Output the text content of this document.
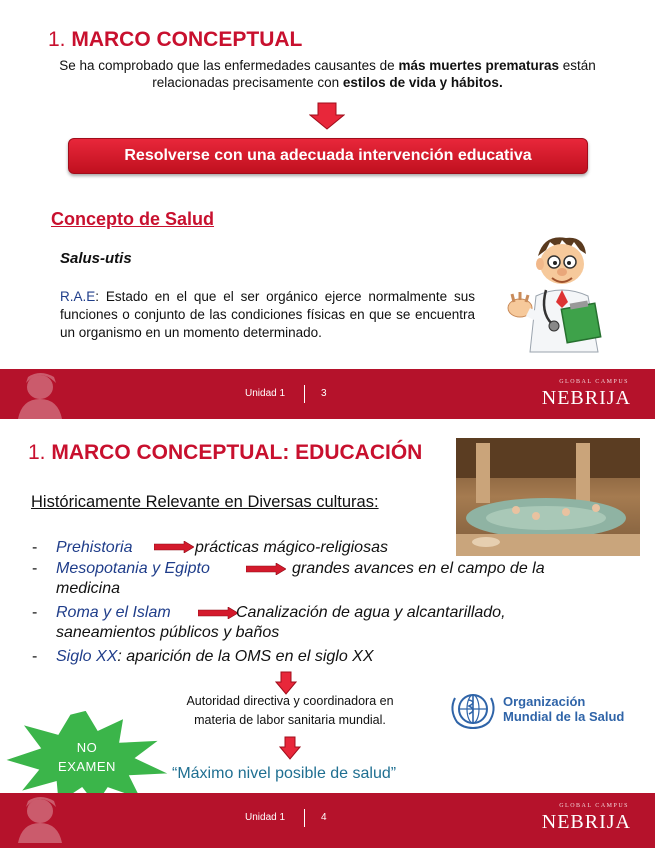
1. MARCO CONCEPTUAL
Se ha comprobado que las enfermedades causantes de más muertes prematuras están
relacionadas precisamente con estilos de vida y hábitos.
Resolverse con una adecuada intervención educativa
Concepto de Salud
Salus-utis
R.A.E: Estado en el que el ser orgánico ejerce normalmente sus funciones o conjunto de las condiciones físicas en que se encuentra un organismo en un momento determinado.
Unidad 1	3
GLOBAL CAMPUS
NEBRIJA
1. MARCO CONCEPTUAL: EDUCACIÓN
Históricamente Relevante en Diversas culturas:
- Prehistoria	prácticas mágico-religiosas
- Mesopotania y Egipto	grandes avances en el campo de la
medicina
- Roma y el Islam	Canalización de agua y alcantarillado,
saneamientos públicos y baños
- Siglo XX: aparición de la OMS en el siglo XX
Autoridad directiva y coordinadora en
materia de labor sanitaria mundial.
Organización
Mundial de la Salud
“Máximo nivel posible de salud”
NO
EXAMEN
Unidad 1	4
GLOBAL CAMPUS
NEBRIJA
